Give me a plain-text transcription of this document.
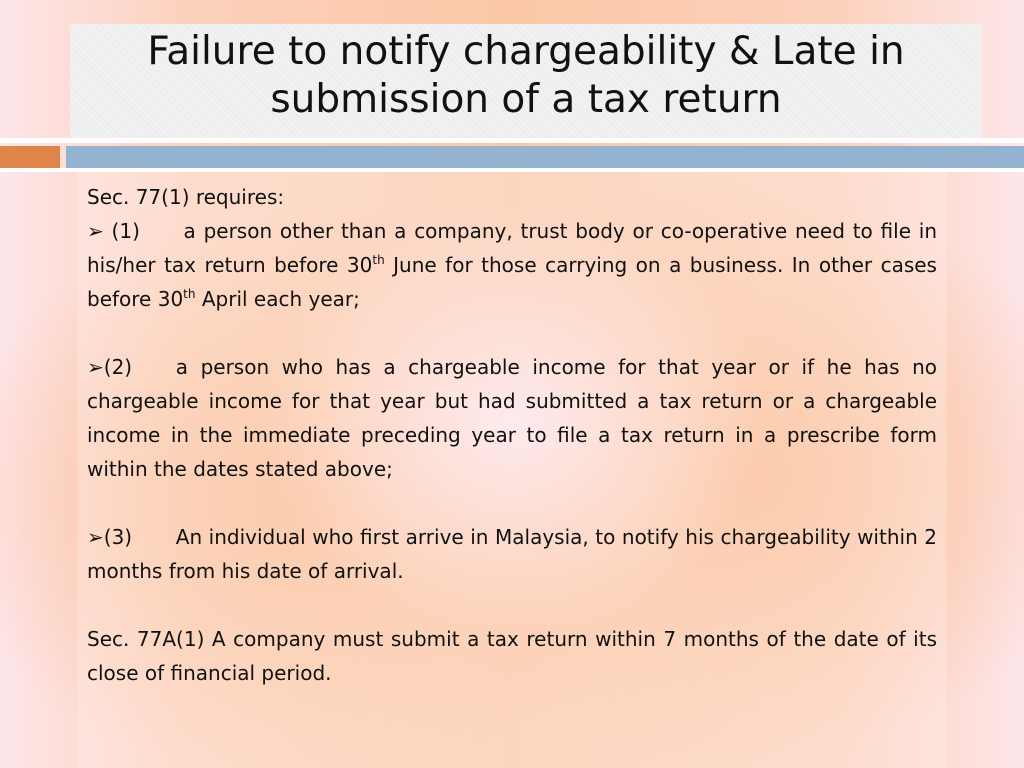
Failure to notify chargeability & Late in submission of a tax return

Sec. 77(1) requires:

➢ (1) a person other than a company, trust body or co-operative need to file in his/her tax return before 30th June for those carrying on a business. In other cases before 30th April each year;

➢(2) a person who has a chargeable income for that year or if he has no chargeable income for that year but had submitted a tax return or a chargeable income in the immediate preceding year to file a tax return in a prescribe form within the dates stated above;

➢(3) An individual who first arrive in Malaysia, to notify his chargeability within 2 months from his date of arrival.

Sec. 77A(1) A company must submit a tax return within 7 months of the date of its close of financial period.
